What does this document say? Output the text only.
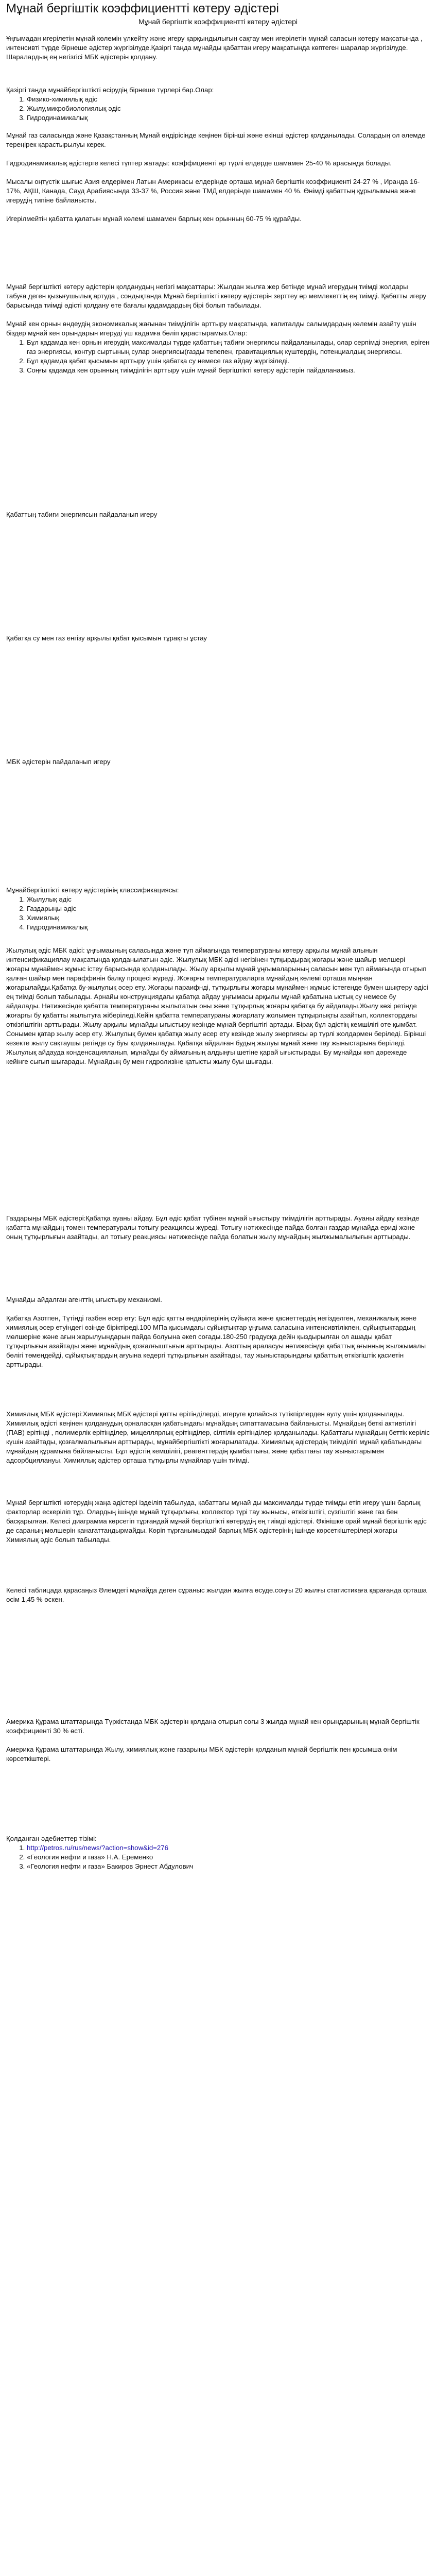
Мұнай бергіштік коэффициентті көтеру әдістері

Мұнай бергіштік коэффициентті көтеру әдістері

Ұңғымадан игерілетін мұнай көлемін үлкейту және игеру қарқындылығын сақтау мен игерілетін мұнай сапасын көтеру мақсатында , интенсивті түрде бірнеше әдістер жүргізілуде.Қазіргі таңда мұнайды қабаттан игеру мақсатында көптеген шаралар жүргізілуде. Шаралардың ең негізгісі МБК әдістерін қолдану.

Қазіргі таңда мұнайбергіштікті өсірудің бірнеше түрлері бар.Олар:

1. Физико-химиялық әдіс
2. Жылу,микробиологиялық әдіс
3. Гидродинамикалық

Мұнай газ саласында және Қазақстанның Мұнай өндірісінде кеңінен бірінші және екінші әдістер қолданылады. Солардың ол әлемде тереңірек қарастырылуы керек.

Гидродинамикалық әдістерге келесі түптер жатады: коэффициенті әр түрлі елдерде шамамен 25-40 % арасында болады.

Мысалы оңтүстік шығыс Азия елдерімен Латын Америкасы елдерінде орташа мұнай бергіштік коэффициенті 24-27 % , Иранда 16-17%, АҚШ, Канада, Сауд Арабиясында 33-37 %, Россия және ТМД елдерінде шамамен 40 %. Өнімді қабаттың құрылымына және игерудің типіне байланысты.

Игерілмейтін қабатта қалатын мұнай көлемі шамамен барлық кен орынның 60-75 % құрайды.

Мұнай бергіштікті көтеру әдістерін қолданудың негізгі мақсаттары: Жылдан жылға жер бетінде мұнай игерудың тиімді жолдары табуға деген қызығушылық артуда , сондықтанда Мұнай бергіштікті көтеру әдістерін зерттеу әр мемлекеттің ең тиімді. Қабатты игеру барысында тиімді әдісті қолдану өте бағалы қадамдардың бірі болып табылады.

Мұнай кен орнын өндеудің экономикалық жағынан тиімділігін арттыру мақсатында, капиталды салымдардың көлемін азайту үшін біздер мұнай кен орындарын игеруді үш кадамға бөліп қарастырамыз.Олар:

1. Бұл қадамда кен орнын игерудің максималды түрде қабаттың табиғи энергиясы пайдаланылады, олар серпімді энергия, еріген газ энергиясы, контур сыртының сулар энергиясы(газды тепепен, гравитациялық күштердің, потенциалдық энергиясы.
2. Бұл қадамда қабат қысымын арттыру үшін қабатқа су немесе газ айдау жүргізіледі.
3. Соңғы қадамда кен орынның тиімділігін арттыру үшін мұнай бергіштікті көтеру әдістерін пайдаланамыз.

Қабаттың табиғи энергиясын пайдаланып игеру

Қабатқа су мен газ енгізу арқылы қабат қысымын тұрақты ұстау

МБК әдістерін пайдаланып игеру

Мұнайбергіштікті көтеру әдістерінің классификациясы:

1. Жылулық әдіс
2. Газдарыңы әдіс
3. Химиялық
4. Гидродинамикалық

Жылулық әдіс МБК әдісі: ұңғымаының саласында және түп аймағында температураны көтеру арқылы мұнай алынын интенсификациялау мақсатында қолданылатын әдіс. Жылулық МБК әдісі негізінен тұтқырдырақ жоғары және шайыр мелшері жоғары мұнаймен жұмыс істеу барысында қолданылады. Жылу арқылы мұнай ұңғымаларының саласын мен түп аймағында отырып қалған шайыр мен параффинін балқу процесі жүреді. Жоғарғы температураларга мұнайдың көлемі орташа мыңнан жоғарылайды.Қабатқа бу-жылулық әсер ету. Жоғары параифнді, тұтқырлығы жоғары мұнаймен жұмыс істегенде бумен шықтеру әдісі ең тиімді болып табылады. Арнайы конструкциядағы қабатқа айдау ұңғымасы арқылы мұнай қабатына ыстық су немесе бу айдалады. Нәтижесінде қабатта температураны жылытатын оны және тұтқырлық жоғары қабатқа бу айдалады.Жылу көзі ретінде жоғарғы бу қабатты жылытуға жіберіледі.Кейін қабатта температураны жоғарлату жолымен тұтқырлықты азайтып, коллектордағы өткізгіштігін арттырады. Жылу арқылы мұнайды ығыстыру кезінде мұнай бергіштігі артады. Бірақ бұл әдістің кемшілігі өте қымбат. Сонымен қатар жылу әсер ету. Жылулық бумен қабатқа жылу әсер ету кезінде жылу энергиясы әр түрлі жолдармен беріледі. Бірінші кезекте жылу сақтаушы ретінде су буы қолданылады. Қабатқа айдалған будың жылуы мұнай және тау жыныстарына беріледі. Жылулық айдауда конденсацияланып, мұнайды бу аймағының алдыңғы шетіне қарай ығыстырады. Бу мұнайды көп дәрежеде кейінге сығып шығарады. Мұнайдың бу мен гидролизіне қатысты жылу буы шығады.

Газдарыңы МБК әдістері:Қабатқа ауаны айдау. Бұл әдіс қабат түбінен мұнай ығыстыру тиімділігін арттырады. Ауаны айдау кезінде қабатта мұнайдың төмен температуралы тотығу реакциясы жүреді. Тотығу нәтижесінде пайда болған газдар мұнайда ериді және оның тұтқырлығын азайтады, ал тотығу реакциясы нәтижесінде пайда болатын жылу мұнайдың жылжымалылығын арттырады.

Мұнайды айдалған агенттің ығыстыру механизмі.

Қабатқа Азотпен, Түтінді газбен әсер ету: Бұл әдіс қатты әндарілерінің сүйықта және қасиеттердің негізделген, механикалық және химиялық әсер етуіндегі өзінде біріктіреді.100 МПа қысымдағы сұйықтықтар ұңғыма саласына интенсивтілікпен, сұйықтықтардың мөлшеріне және ағын жарылуындарын пайда болуына әкеп соғады.180-250 градусқа дейін қыздырылған ол ашады қабат тұтқырлығын азайтады және мұнайдың қозғалғыштығын арттырады. Азоттың араласуы нәтижесінде қабаттық ағынның жылжымалы бөлігі төмендейді, сұйықтықтардың ағуына кедергі тұтқырлығын азайтады, тау жыныстарындағы қабаттың өткізгіштік қасиетін арттырады.

Химиялық МБК әдістері:Химиялық МБК әдістері қатты ерітінділерді, игеруге қолайсыз түтікпірлерден аулу үшін қолданылады. Химиялық әдісті кеңінен қолданудың орналасқан қабатындағы мұнайдың сипаттамасына байланысты. Мұнайдың беткі активтілігі (ПАВ) ерітінді , полимерлік ерітінділер, мицеллярлық ерітінділер, сілтілік ерітінділер қолданылады. Қабаттағы мұнайдың беттік керіліс күшін азайтады, қозғалмалылығын арттырады, мұнайбергіштікті жоғарылатады. Химиялық әдістердің тиімділігі мұнай қабатындағы мұнайдың құрамына байланысты. Бұл әдістің кемшілігі, реагенттердің қымбаттығы, және қабаттағы тау жыныстарымен адсорбциялануы. Химиялық әдістер орташа тұтқырлы мұнайлар үшін тиімді.

Мұнай бергіштікті көтерудің жаңа әдістері іздеіліп табылуда, қабаттағы мұнай ды максималды түрде тиімды етіп игеру үшін барлық факторлар ескеріліп тұр. Олардың ішінде мұнай тұтқырлығы, коллектор түрі тау жынысы, өткізгіштігі, сүзгіштігі және газ бен басқарылған. Келесі диаграмма көрсетіп тұрғандай мұнай бергіштікті көтерудің ең тиімді әдістері. Өкінішке орай мұнай бергіштік әдіс де сараның мөлшерін қанағаттандырмайды. Көріп тұрғанымыздай барлық МБК әдістерінің ішінде көрсеткіштерілері жоғары Химиялық әдіс болып табылады.

Келесі таблицада қарасаңыз Әлемдегі мұнайда деген сұраныс жылдан жылға өсуде.соңғы 20 жылғы статистикаға қарағанда орташа өсім 1,45 % өскен.

Америка Құрама штаттарында Түркістанда МБК әдістерін қолдана отырып соғы 3 жылда мұнай кен орындарының мұнай бергіштік коэффициенті 30 % өсті.

Америка Құрама штаттарында Жылу, химиялық және газарыңы МБК әдістерін қолданып мұнай бергіштік пен қосымша өнім көрсеткіштері.

Қолданған әдебиеттер тізімі:

1. http://petros.ru/rus/news/?action=show&id=276
2. «Геология нефти и газа» Н.А. Еременко
3. «Геология нефти и газа» Бакиров Эрнест Абдулович
